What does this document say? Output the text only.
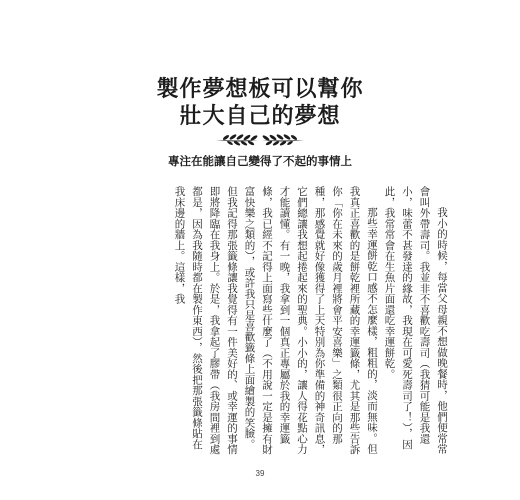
製作夢想板可以幫你
壯大自己的夢想
專注在能讓自己變得了不起的事情上

我小的時候，每當父母親不想做晚餐時，他們便常常會叫外帶壽司。我並非不喜歡吃壽司（我猜可能是我還小，味蕾不甚發達的緣故，我現在可愛死壽司了！），因此，我常常會在生魚片面還吃幸運餅乾。

那些幸運餅乾口感不怎麼樣，粗粗的，淡而無味。但我真正喜歡的是餅乾裡所藏的幸運籤條，尤其是那些告訴你「你在未來的歲月裡將會平安喜樂」之類很正向的那種，那感覺就好像獲得了上天特別為你準備的神奇訊息，它們總讓我想起捲起來的聖典。小小的，讓人得花點心力才能讀懂。有一晚，我拿到一個真正專屬於我的幸運籤條，我已經不記得上面寫些什麼了（不用說一定是擁有財富快樂之類的），或許我只是喜歡籤條上面繪製的笑臉。但我記得那張籤條讓我覺得有一件美好的、或幸運的事情即將降臨在我身上。於是，我拿起了膠帶（我房間裡到處都是，因為我隨時都在製作東西），然後把那張籤條貼在我床邊的牆上。這樣，我

39
